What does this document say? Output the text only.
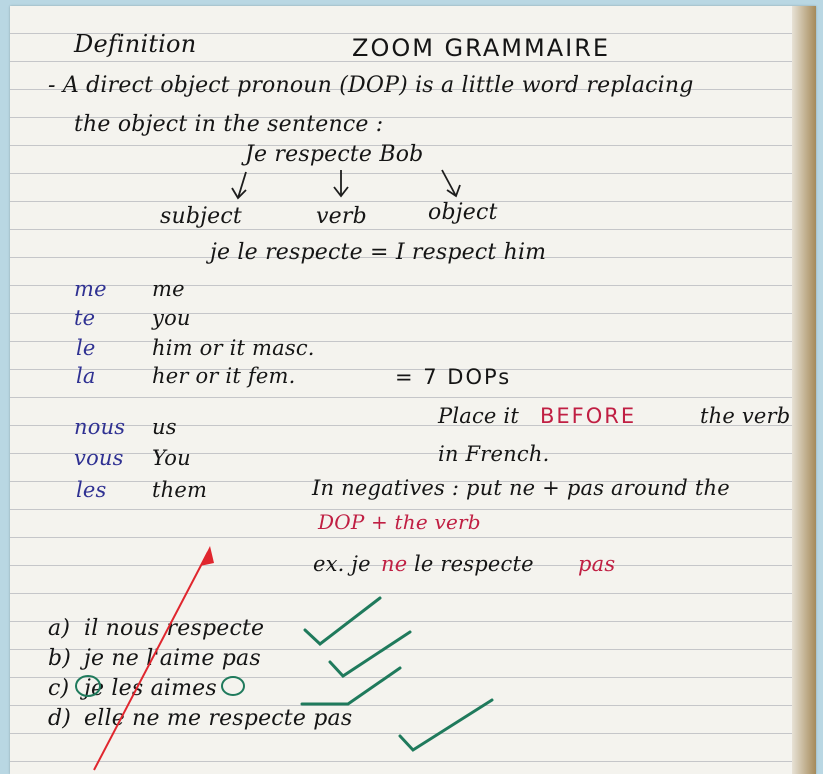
Definition	ZOOM GRAMMAIRE
- A direct object pronoun (DOP) is a little word replacing
the object in the sentence :
Je respecte Bob
subject	verb	object
je le respecte = I respect him
me me
te	you
le	him or it masc.
la	her or it fem.
nous us
vous You
les them
= 7 DOPs
Place it BEFORE	the verb
in French.
In negatives : put ne + pas around the
DOP + the verb
ex. je ne le respecte pas
a) il nous respecte
b) je ne l'aime pas
c) je les aimes
d) elle ne me respecte pas
